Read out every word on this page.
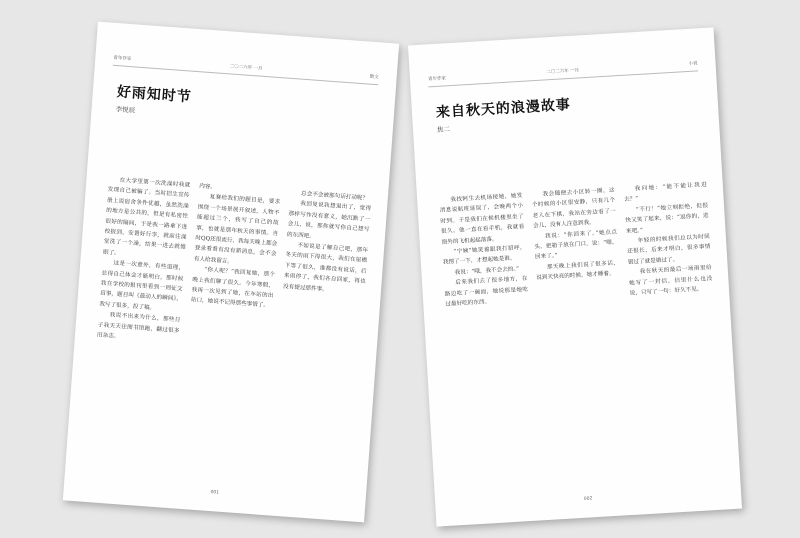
青年作家
二〇二六年 一月
散文
好雨知时节
李悦辰

在大学里第一次洗澡时我就发现自己被骗了。当时招生宣传册上说宿舍条件优越，虽然洗澡的地方是公共的，但是有私密性很好的隔间，于是我一路拿下进校报到，安置好行李，就前往澡堂洗了一个澡，结果一进去就傻眼了。

这是一次意外，有些道理，总得自己体会才能明白。那时候我在学校的报刊里看到一则征文启事，题目叫《最动人的瞬间》，我写了很多，投了稿。

我说不出来为什么，那些日子我天天往图书馆跑，翻过很多旧杂志。

内容。

复赛给我们的题目是，要求围绕一个场景展开叙述，人物不能超过三个，我写了自己的故事，也就是那年秋天的事情。当时QQ还很流行，我每天晚上都会登录看看有没有新消息，会不会有人给我留言。

“你人呢？”我回复她，那个晚上我们聊了很久。今年寒假，我再一次见到了她，在车站的出站口，她说不记得那些事情了。

总会不会被那句话打动呢？

我回复说我想退出了，觉得那样写作没有意义，她沉默了一会儿，说，那你就写你自己想写的东西吧。

不如说是了解自己吧，那年冬天的雨下得很大，我们在屋檐下等了很久，谁都没有说话，后来雨停了，我们各自回家，再也没有提过那件事。

001
青年作家
二〇二六年 一月
小说
来自秋天的浪漫故事
焦二

我找阿生去机场接她，她发消息说航班延误了，会晚两个小时到。于是我们在候机楼里坐了很久，他一直在看手机，我就看窗外的飞机起起落落。

“宁姨”她笑着跟我打招呼，我愣了一下，才想起她是谁。

我说：“哦，我不会去的。”

后来我们去了很多地方，在路边吃了一碗面，她说那是她吃过最好吃的东西。

我会随便去小区转一圈，这个时候的小区很安静，只有几个老人在下棋，我站在旁边看了一会儿，没有人注意到我。

我说：“你回来了。”她点点头，把箱子放在门口，说：“嗯，回来了。”

那天晚上我们说了很多话，说到天快亮的时候，她才睡着。

我问她：“能不能让我进去？”

“不行！”她立刻拒绝，但很快又笑了起来，说：“逗你的，进来吧。”

年轻的时候我们总以为时间还很长，后来才明白，很多事情错过了就是错过了。

我在秋天的最后一场雨里给她写了一封信，信里什么也没说，只写了一句：好久不见。

002
